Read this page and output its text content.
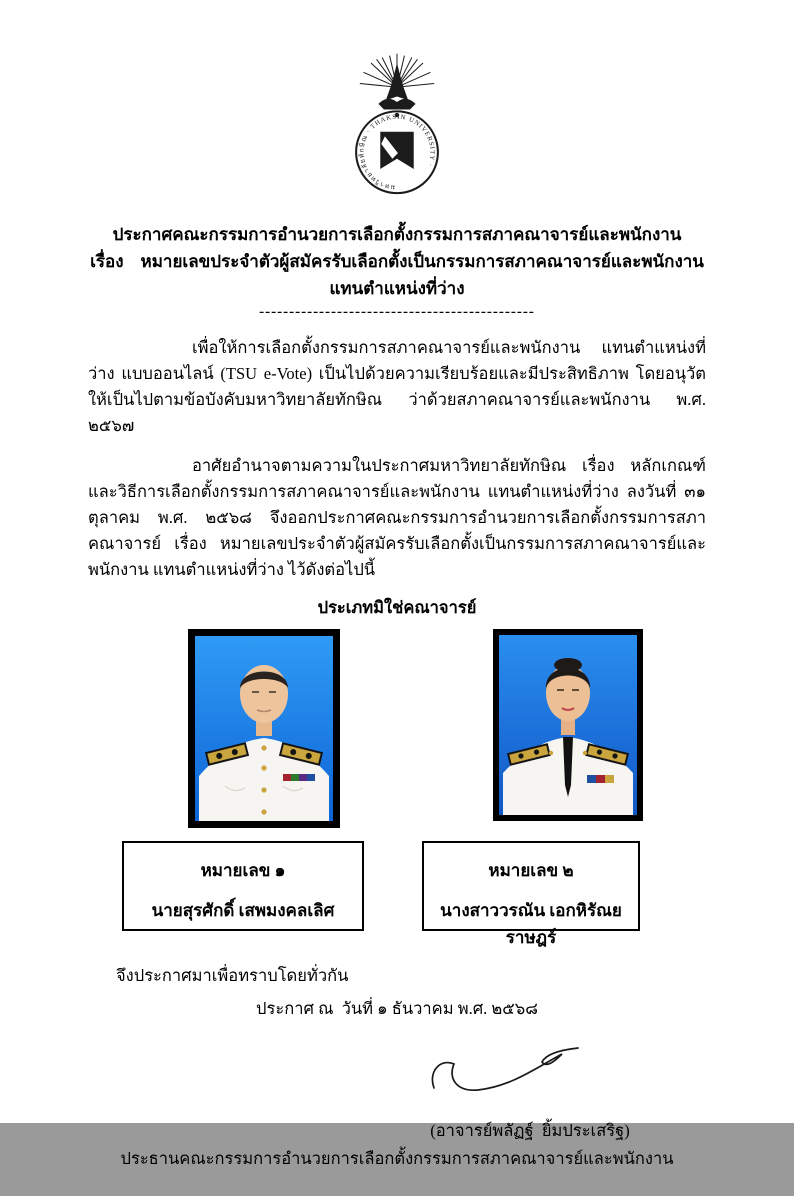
มหาวิทยาลัยทักษิณ · THAKSIN UNIVERSITY ·
ประกาศคณะกรรมการอำนวยการเลือกตั้งกรรมการสภาคณาจารย์และพนักงาน
เรื่อง    หมายเลขประจำตัวผู้สมัครรับเลือกตั้งเป็นกรรมการสภาคณาจารย์และพนักงาน
แทนตำแหน่งที่ว่าง
----------------------------------------------

เพื่อให้การเลือกตั้งกรรมการสภาคณาจารย์และพนักงาน แทนตำแหน่งที่ว่าง แบบออนไลน์ (TSU e-Vote) เป็นไปด้วยความเรียบร้อยและมีประสิทธิภาพ โดยอนุวัตให้เป็นไปตามข้อบังคับมหาวิทยาลัยทักษิณ ว่าด้วยสภาคณาจารย์และพนักงาน พ.ศ. ๒๕๖๗

อาศัยอำนาจตามความในประกาศมหาวิทยาลัยทักษิณ เรื่อง หลักเกณฑ์และวิธีการเลือกตั้งกรรมการสภาคณาจารย์และพนักงาน แทนตำแหน่งที่ว่าง ลงวันที่ ๓๑ ตุลาคม พ.ศ. ๒๕๖๘ จึงออกประกาศคณะกรรมการอำนวยการเลือกตั้งกรรมการสภาคณาจารย์ เรื่อง หมายเลขประจำตัวผู้สมัครรับเลือกตั้งเป็นกรรมการสภาคณาจารย์และพนักงาน แทนตำแหน่งที่ว่าง ไว้ดังต่อไปนี้

ประเภทมิใช่คณาจารย์
หมายเลข ๑
นายสุรศักดิ์ เสพมงคลเลิศ
หมายเลข ๒
นางสาววรณัน เอกหิรัณยราษฎร์
จึงประกาศมาเพื่อทราบโดยทั่วกัน
ประกาศ ณ  วันที่ ๑ ธันวาคม พ.ศ. ๒๕๖๘
(อาจารย์พลัฏฐ์  ยิ้มประเสริฐ)
ประธานคณะกรรมการอำนวยการเลือกตั้งกรรมการสภาคณาจารย์และพนักงาน
